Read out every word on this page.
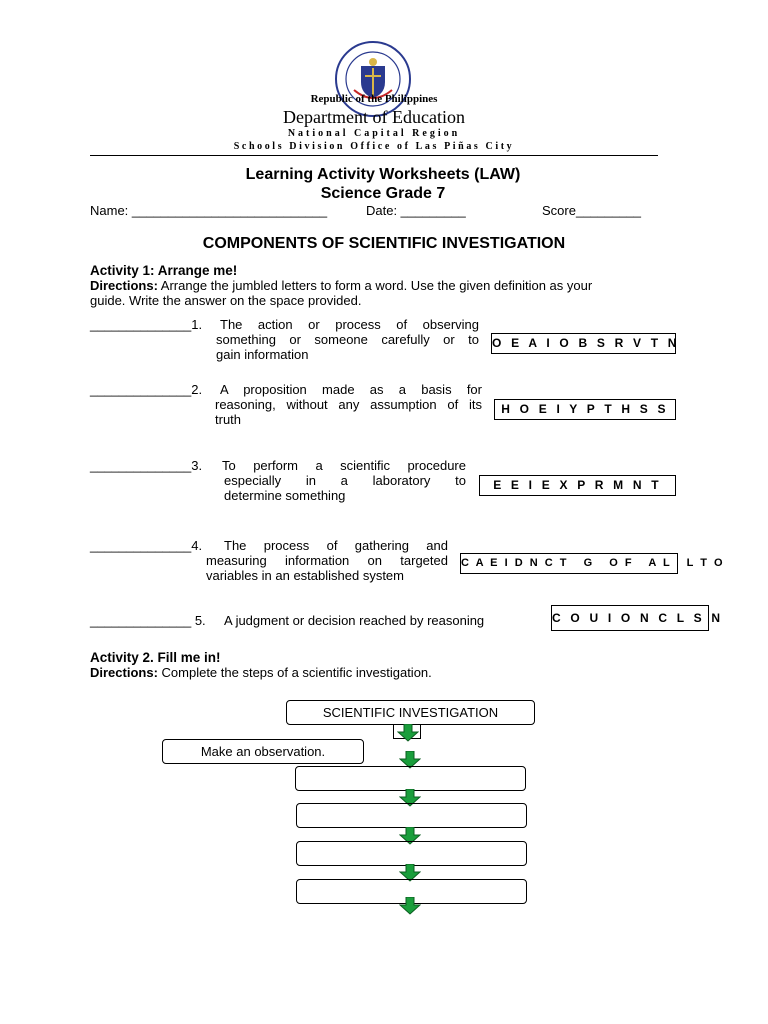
Republic of the Philippines
Department of Education
National Capital Region
Schools Division Office of Las Piñas City
Learning Activity Worksheets (LAW)
Science Grade 7
Name: ___________________________	Date: _________	Score_________
COMPONENTS OF SCIENTIFIC INVESTIGATION
Activity 1: Arrange me!
Directions: Arrange the jumbled letters to form a word. Use the given definition as your
guide. Write the answer on the space provided.
______________1. The action or process of observing
something or someone carefully or to
gain information
O E A I O B S R V T N
______________2. A proposition made as a basis for
reasoning, without any assumption of its
truth
H O E I Y P T H S S
______________3. To perform a scientific procedure
especially in a laboratory to
determine something
E E I E X P R M N T
______________4. The process of gathering and
measuring information on targeted
variables in an established system
C A E I D N C T   G   O F   A L   L T O
______________ 5. A judgment or decision reached by reasoning	C O U I O N C L S N
Activity 2. Fill me in!
Directions: Complete the steps of a scientific investigation.
SCIENTIFIC INVESTIGATION
Make an observation.
